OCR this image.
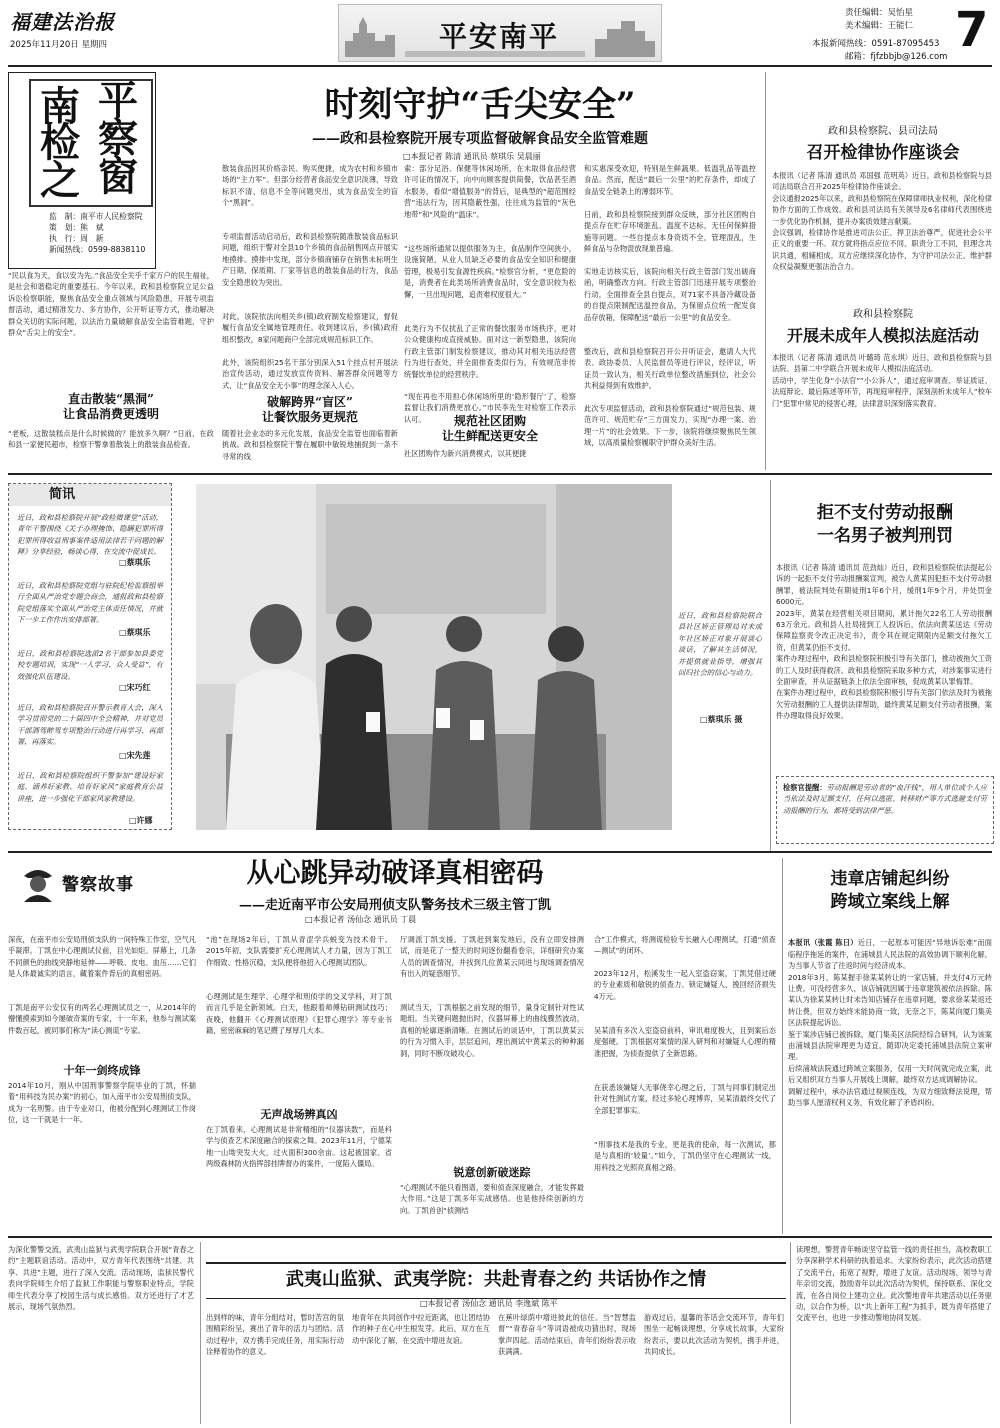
福建法治报
2025年11月20日 星期四	平安南平
责任编辑：吴怡星
美术编辑：王能仁 7
本报新闻热线：0591-87095453
邮箱：fjfzbbjb@126.com
南 平
检 察
之 窗
监　制：南平市人民检察院
策　划：熊　斌
执　行：周　新
新闻热线：0599-8838110
时刻守护“舌尖安全”
——政和县检察院开展专项监督破解食品安全监管难题
□本报记者 陈清 通讯员 蔡琪乐 吴晨丽
“民以食为天，食以安为先。”食品安全关乎千家万户的民生福祉，是社会和谐稳定的重要基石。今年以来，政和县检察院立足公益诉讼检察职能，聚焦食品安全重点领域与风险隐患，开展专项监督活动，通过精准发力、多方协作，公开听证等方式，推动解决群众关切的实际问题，以法治力量破解食品安全监管难题，守护群众“舌尖上的安全”。
直击散装“黑洞”
让食品消费更透明
“老板，这散装糕点是什么时候做的？能放多久啊？”日前，在政和县一家便民超市，检察干警拿着散装上的散装食品检查。
散装食品因其价格亲民、购买便捷，成为农村和乡镇市场的“主力军”。但部分经营者食品安全意识淡薄，导致标识不清、信息不全等问题突出，成为食品安全的盲个“黑洞”。
专项监督活动启动后，政和县检察院随准散装食品标识问题，组织干警对全县10个乡镇的食品销售网点开展实地摸排。摸排中发现，部分乡镇商铺存在销售未标明生产日期、保质期、厂家等信息的散装食品的行为，食品安全隐患较为突出。
对此，该院依法向相关乡(镇)政府制发检察建议，督促履行食品安全属地管理责任。收到建议后，乡(镇)政府组织整改，8家问题商户全部完成规范标识工作。
此外，该院组织25名干部分别深入51个挂点村开展法治宣传活动，通过发放宣传资料、解答群众问题等方式，让“食品安全无小事”的理念深入人心。
破解跨界“盲区”
让餐饮服务更规范
随着社会业态的多元化发展，食品安全监管也面临着新挑战。政和县检察院干警在履职中敏锐地捕捉到一条不寻常的线
索：部分足浴、保健等休闲场所，在未取得食品经营许可证的情况下，向中向顾客提供简餐，饮品甚至酒水服务，看似“增值服务”的背后，是典型的“超范围经营”违法行为，因其隐蔽性强，往往成为监管的“灰色地带”和“风险的“温床”。
“这些场所通常以提供服务为主，食品制作空间狭小，设施简陋，从业人员缺乏必要的食品安全知识和健康管理，极易引发食源性疾病。”检察官分析，“更危险的是，消费者在此类场所消费食品时，安全意识较为松懈，一旦出现问题，追责难权度很大。”
此类行为不仅扰乱了正常的餐饮服务市场秩序，更对公众健康构成直接威胁。面对这一新型隐患，该院向行政主管部门制发检察建议，推动其对相关违法经营行为进行查处，并全面排查类似行为，有效规范非传统餐饮单位的经营秩序。
“现在再也不用担心休闲场所里的‘隐形餐厅’了，检察监督让我们消费更放心。”市民李先生对检察工作表示认可。	规范社区团购
让生鲜配送更安全
社区团购作为新兴消费模式，以其便捷
和实惠深受欢迎，特别是生鲜蔬果、低温乳品等温控食品。然而，配送“最后一公里”的贮存条件，却成了食品安全链条上的薄弱环节。
日前，政和县检察院接到群众反映，部分社区团购自提点存在贮存环境脏乱、温度不达标，无任何保鲜措施等问题。一些自提点本身资质不全，管理混乱，生鲜食品与杂物混放现象普遍。
实地走访核实后，该院向相关行政主管部门发出磋商函，明确整改方向。行政主管部门迅速开展专项整治行动，全面排查全县自提点，对71家不具备冷藏设备的自提点限制配送温控食品，为保留点位统一配发食品存放箱，保障配送“最后一公里”的食品安全。
整改后，政和县检察院召开公开听证会，邀请人大代表、政协委员、人民监督员等进行评议，经评议，听证员一致认为，相关行政单位整改措施到位，社会公共利益得到有效维护。
此次专项监督活动，政和县检察院通过“规范包装、规范许可、规范贮存”三方面发力，实现“办理一案、治理一片”的社会效果。下一步，该院将继续聚焦民生领域，以高质量检察履职守护群众美好生活。
政和县检察院、县司法局
召开检律协作座谈会
本报讯（记者 陈清 通讯员 邓国强 范明英）近日，政和县检察院与县司法局联合召开2025年检律协作座谈会。
会议通报2025年以来，政和县检察院在保障律师执业权利，深化检律协作方面的工作成效。政和县司法局有关领导及6名律师代表围绕进一步优化协作机制，提升办案质效建言献策。
会议强调，检律协作是推进司法公正、捍卫法治尊严，促进社会公平正义的重要一环。双方就将指点应位不同、职责分工不同，但理念共识共通，相辅相成，双方应继续深化协作，为守护司法公正、维护群众权益凝聚更强法治合力。
政和县检察院
开展未成年人模拟法庭活动
本报讯（记者 陈清 通讯员 叶璐琦 范永琪）近日，政和县检察院与县法院、县第二中学联合开展未成年人模拟法庭活动。
活动中，学生化身“小法官”“小公诉人”，通过庭审调查、举证质证、法庭辩论、最后陈述等环节，再现庭审程序，深刻剖析未成年人“校车门”犯罪中常见的侵害心理，法律意识深刻落实教育。
简讯
近日，政和县检察院开展“政检微课堂”活动，青年干警围绕《关于办理掩饰、隐瞒犯罪所得犯罪所得收益刑事案件适用法律若干问题的解释》分享经验，畅谈心得，在交流中促成长。
□蔡琪乐
近日，政和县检察院党组与驻院纪检监察组举行全面从严治党专题会商会，通报政和县检察院党组落实全面从严治党主体责任情况，并就下一步工作作出安排部署。
□蔡琪乐
近日，政和县检察院选派2名干部参加县委党校专题培训，实现“一人学习、众人受益”，有效强化队伍建设。
□宋巧红
近日，政和县检察院召开警示教育大会，深入学习贯彻党的二十届四中全会精神，并对党员干部酒驾醉驾专项整治行动进行再学习、再部署，再落实。
□宋先莲
近日，政和县检察院组织干警参加“建设好家庭、涵养好家教、培育好家风”家庭教育公益讲座，进一步强化干部家风家教建设。
□许娜
近日，政和县检察院联合县社区矫正管理局对未成年社区矫正对象开展谈心谈话，了解其生活情况，并提供就业指导，增强其回归社会的信心与动力。
□蔡琪乐 摄
拒不支付劳动报酬
一名男子被判刑罚
本报讯（记者 陈清 通讯员 范劲灿）近日，政和县检察院依法提起公诉的一起拒不支付劳动报酬案宣判，被告人黄某因犯拒不支付劳动报酬罪，被法院判处有期徒刑1年6个月，缓刑1年9个月，并处罚金6000元。
2023年，黄某在经营相关项目期间，累计拖欠22名工人劳动报酬63万余元。政和县人社局接到工人投诉后，依法向黄某送达《劳动保障监察责令改正决定书》，责令其在规定期限内足额支付拖欠工资，但黄某仍拒不支付。
案件办理过程中，政和县检察院积极引导有关部门，推动被拖欠工资的工人及时获得救济。政和县检察院采取多种方式，对涉案事实进行全面审查，并从证据链条上依法全面审核，促成黄某认罪悔罪。
在案件办理过程中，政和县检察院积极引导有关部门依法及时为被拖欠劳动报酬的工人提供法律帮助，最终黄某足额支付劳动者报酬，案件办理取得良好效果。
检察官提醒：劳动报酬是劳动者的“血汗钱”，用人单位或个人应当依法及时足额支付，任何以逃匿、转移财产等方式逃避支付劳动报酬的行为，都将受到法律严惩。
警察故事	从心跳异动破译真相密码
——走近南平市公安局刑侦支队警务技术三级主管丁凯
□本报记者 汤仙念 通讯员 丁晨
深夜，在南平市公安局刑侦支队的一间特殊工作室，空气凡乎凝滞。丁凯在中心理测试仪前，目光如炬。屏幕上，几条不同颜色的曲线突静地延伸——呼吸、皮电、血压……它们是人体最诚实的语言，藏着案件背后的真相密码。
丁凯是南平公安仅有的两名心理测试员之一，从2014年的懵懂摸索到如今屡破奇案的专家，十一年来，他参与测试案件数百起，被同事们称为“读心测谎”专家。
十年一剑终成锋
2014年10月，刚从中国刑事警察学院毕业的丁凯，怀揣着“用科技为民办案”的初心，加入南平市公安局刑侦支队，成为一名刑警。由于专业对口，他被分配到心理测试工作岗位，这一干就是十一年。
“池”在现场2年后，丁凯从青涩学兵蜕变为技术骨干。2015年初，支队需要扩充心理测试人才力量，因为丁凯工作细致、性格沉稳，支队便将他招入心理测试团队。
心理测试是生理学、心理学和刑侦学的交叉学科，对丁凯而言几乎是全新领域。白天，他跟着师傅钻研测试技巧；夜晚，他翻开《心理测试原理》《犯罪心理学》等专业书籍，密密麻麻的笔记攒了厚厚几大本。
无声战场辨真凶
在丁凯看来，心理测试是非常精细的“仪器读数”，而是科学与侦查艺术深度融合的探索之舞。2023年11月，宁德某地一山坳突发大火，过火面积300余亩。这起被国家、省两级森林防火指挥部挂牌督办的案件，一度陷入僵局。
厅调派丁凯支援。丁凯赶到案发地后，没有立即安排测试，而是花了一整天的时间逐份翻看卷宗，详细研究办案人员的调查情况，并找到几位黄某云同进与现场调查情况有出入的疑惑细节。
测试当天，丁凯根据之前发现的细节，量身定制针对性试题组。当关键问题抛出时，仪器屏幕上的曲线骤然波动，真相的轮廓逐渐清晰。在测试后的谈话中，丁凯以黄某云的行为习惯入手，层层追问，理出测试中黄某云的种种漏洞，同时不断攻破攻心。
锐意创新破迷踪
“心理测试不能只看图谱，要和侦查深度融合，才能发挥最大作用。”这是丁凯多年实战感悟。也是他持续创新的方向。丁凯首创“侦测结
合”工作模式，将测谎检验专长融入心理测试，打通“侦查—测试”的闭环。
2023年12月，松溪发生一起入室盗窃案，丁凯凭借过硬的专业素质和敏锐的侦查力。锁定嫌疑人，挽回经济损失4万元。
吴某清有多次入室盗窃前科，审讯难度极大，且到案后态度强硬。丁凯根据对案情的深入研判和对嫌疑人心理的精准把握，为侦查提供了全新思路。
在获悉该嫌疑人无事侥幸心理之后，丁凯与同事们制定出针对性测试方案，经过多轮心理博弈，吴某清最终交代了全部犯罪事实。
“刑事技术是我的专业，更是我的使命，每一次测试，都是与真相的‘较量’。”如今，丁凯仍坚守在心理测试一线，用科技之光照亮真相之路。
违章店铺起纠纷
跨域立案线上解

本报讯（张霞 陈日）近日，一起原本可能因“异地诉讼难”而面临程序拖延的案件，在浦城县人民法院的高效协调下顺利化解，为当事人节省了往返时间与经济成本。
2018年3月，陈某握手徐某某转让的一家店铺，并支付4万元转让费。可没经营多久，该店铺就因属于违章建筑被依法拆除。陈某认为徐某某转让时未告知店铺存在违章问题，要求徐某某返还转让费，但双方始终未能协商一致，无奈之下，陈某向厦门集美区法院提起诉讼。
鉴于案涉店铺已被拆除，厦门集美区法院经综合研判，认为该案由浦城县法院审理更为适宜，随即决定委托浦城县法院立案审理。
后续浦城法院通过跨域立案服务，仅用一天时间就完成立案，此后又组织双方当事人开展线上调解，最终双方达成调解协议。
调解过程中，承办法官通过视频连线，为双方细致释法说理，帮助当事人厘清权利义务，有效化解了矛盾纠纷。

为深化警警交流，武夷山监狱与武夷学院联合开展“青春之约”主题联谊活动。活动中，双方青年代表围绕“共建、共享、共进”主题，进行了深入交流。活动现场，监狱民警代表向学院师生介绍了监狱工作职能与警察职业特点，学院师生代表分享了校园生活与成长感悟。双方还进行了才艺展示，现场气氛热烈。
武夷山监狱、武夷学院：共赴青春之约 共话协作之情
□本报记者 汤仙念 通讯员 李逸斌 陈平
出到样的味，青年分组结对，暂时苦宫的氛围精彩纷呈，赛出了青年的活力与团结。活动过程中，双方携手完成任务，用实际行动诠释着协作的意义。
地青年在共同创作中拉近距离，也让团结协作的种子在心中生根发芽。此后，双方在互动中深化了解，在交流中增进友谊。
在蕉叶绿荫中增进彼此的信任。当“智慧监督”“青春奋斗”等词语被成功猜出时，现场掌声四起。活动结束后，青年们纷纷表示收获满满。
游戏过后，温馨的茶话会交流环节，青年们围坐一起畅谈理想，分享成长故事，大家纷纷表示，要以此次活动为契机，携手并进，共同成长。
读理想，警营青年畅谈坚守监管一线的责任担当，高校教职工分享深耕学术科研的执着追求。大家纷纷表示，此次活动搭建了交流平台，拓宽了视野，增进了友谊。活动现场，领导与青年亲切交流，鼓励青年以此次活动为契机，保持联系、深化交流，在各自岗位上建功立业。此次警地青年共建活动以任务驱动，以合作为桥，以“共上新年工程”为抓手，既为青年搭建了交流平台，也进一步推动警地协同发展。
